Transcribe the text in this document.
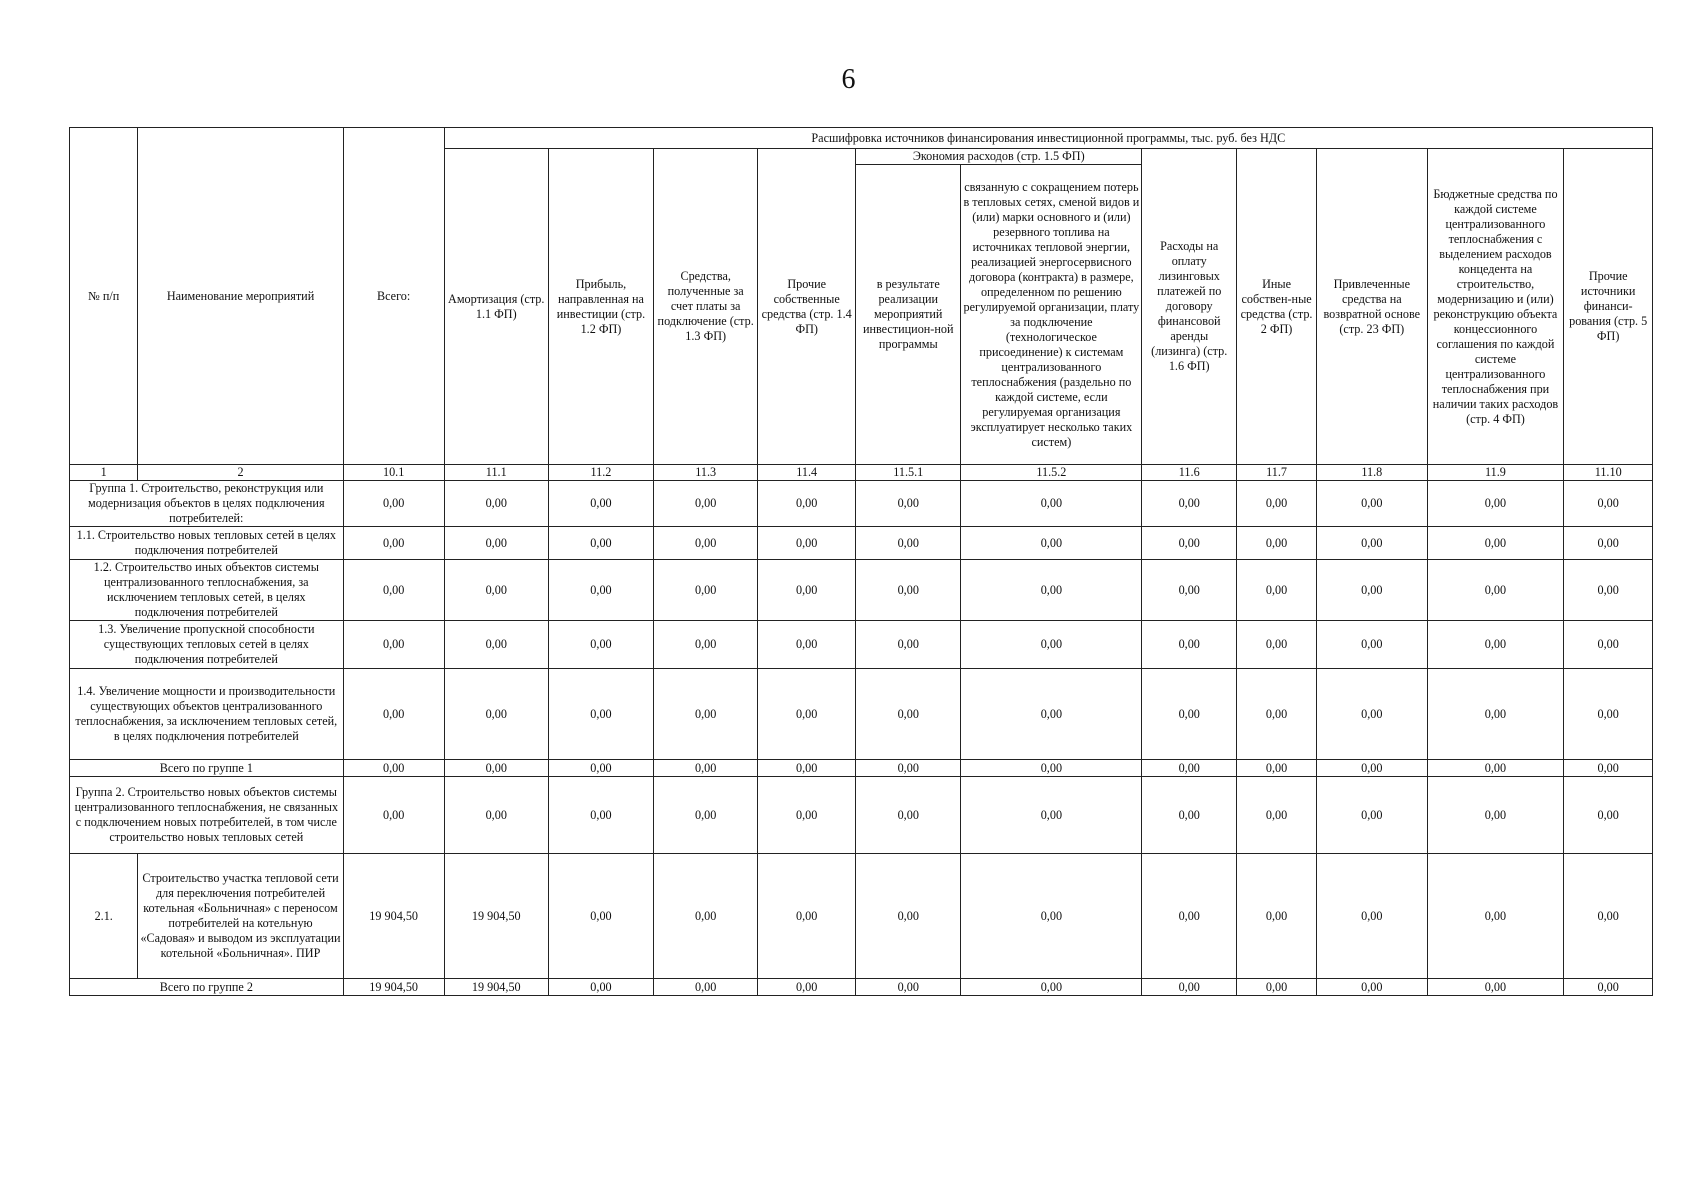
6
№ п/п	Наименование мероприятий	Всего:	Расшифровка источников финансирования инвестиционной программы, тыс. руб. без НДС										
			Амортизация (стр. 1.1 ФП)	Прибыль, направленная на инвестиции (стр. 1.2 ФП)	Средства, полученные за счет платы за подключение (стр. 1.3 ФП)	Прочие собственные средства (стр. 1.4 ФП)	Экономия расходов (стр. 1.5 ФП)		Расходы на оплату лизинговых платежей по договору финансовой аренды (лизинга) (стр. 1.6 ФП)	Иные собствен-ные средства (стр. 2 ФП)	Привлеченные средства на возвратной основе (стр. 23 ФП)	Бюджетные средства по каждой системе централизованного теплоснабжения с выделением расходов концедента на строительство, модернизацию и (или) реконструкцию объекта концессионного соглашения по каждой системе централизованного теплоснабжения при наличии таких расходов (стр. 4 ФП)	Прочие источники финанси-рования (стр. 5 ФП)
							в результате реализации мероприятий инвестицион-ной программы	связанную с сокращением потерь в тепловых сетях, сменой видов и (или) марки основного и (или) резервного топлива на источниках тепловой энергии, реализацией энергосервисного договора (контракта) в размере, определенном по решению регулируемой организации, плату за подключение (технологическое присоединение) к системам централизованного теплоснабжения (раздельно по каждой системе, если регулируемая организация эксплуатирует несколько таких систем)					

1	2	10.1	11.1	11.2	11.3	11.4	11.5.1	11.5.2	11.6	11.7	11.8	11.9	11.10
Группа 1. Строительство, реконструкция или модернизация объектов в целях подключения потребителей:		0,00	0,00	0,00	0,00	0,00	0,00	0,00	0,00	0,00	0,00	0,00	0,00
1.1. Строительство новых тепловых сетей в целях подключения потребителей		0,00	0,00	0,00	0,00	0,00	0,00	0,00	0,00	0,00	0,00	0,00	0,00
1.2. Строительство иных объектов системы централизованного теплоснабжения, за исключением тепловых сетей, в целях подключения потребителей		0,00	0,00	0,00	0,00	0,00	0,00	0,00	0,00	0,00	0,00	0,00	0,00
1.3. Увеличение пропускной способности существующих тепловых сетей в целях подключения потребителей		0,00	0,00	0,00	0,00	0,00	0,00	0,00	0,00	0,00	0,00	0,00	0,00
1.4. Увеличение мощности и производительности существующих объектов централизованного теплоснабжения, за исключением тепловых сетей, в целях подключения потребителей		0,00	0,00	0,00	0,00	0,00	0,00	0,00	0,00	0,00	0,00	0,00	0,00
Всего по группе 1		0,00	0,00	0,00	0,00	0,00	0,00	0,00	0,00	0,00	0,00	0,00	0,00
Группа 2. Строительство новых объектов системы централизованного теплоснабжения, не связанных с подключением новых потребителей, в том числе строительство новых тепловых сетей		0,00	0,00	0,00	0,00	0,00	0,00	0,00	0,00	0,00	0,00	0,00	0,00
2.1.	Строительство участка тепловой сети для переключения потребителей котельная «Больничная» с переносом потребителей на котельную «Садовая» и выводом из эксплуатации котельной «Больничная». ПИР	19 904,50	19 904,50	0,00	0,00	0,00	0,00	0,00	0,00	0,00	0,00	0,00	0,00
Всего по группе 2		19 904,50	19 904,50	0,00	0,00	0,00	0,00	0,00	0,00	0,00	0,00	0,00	0,00
